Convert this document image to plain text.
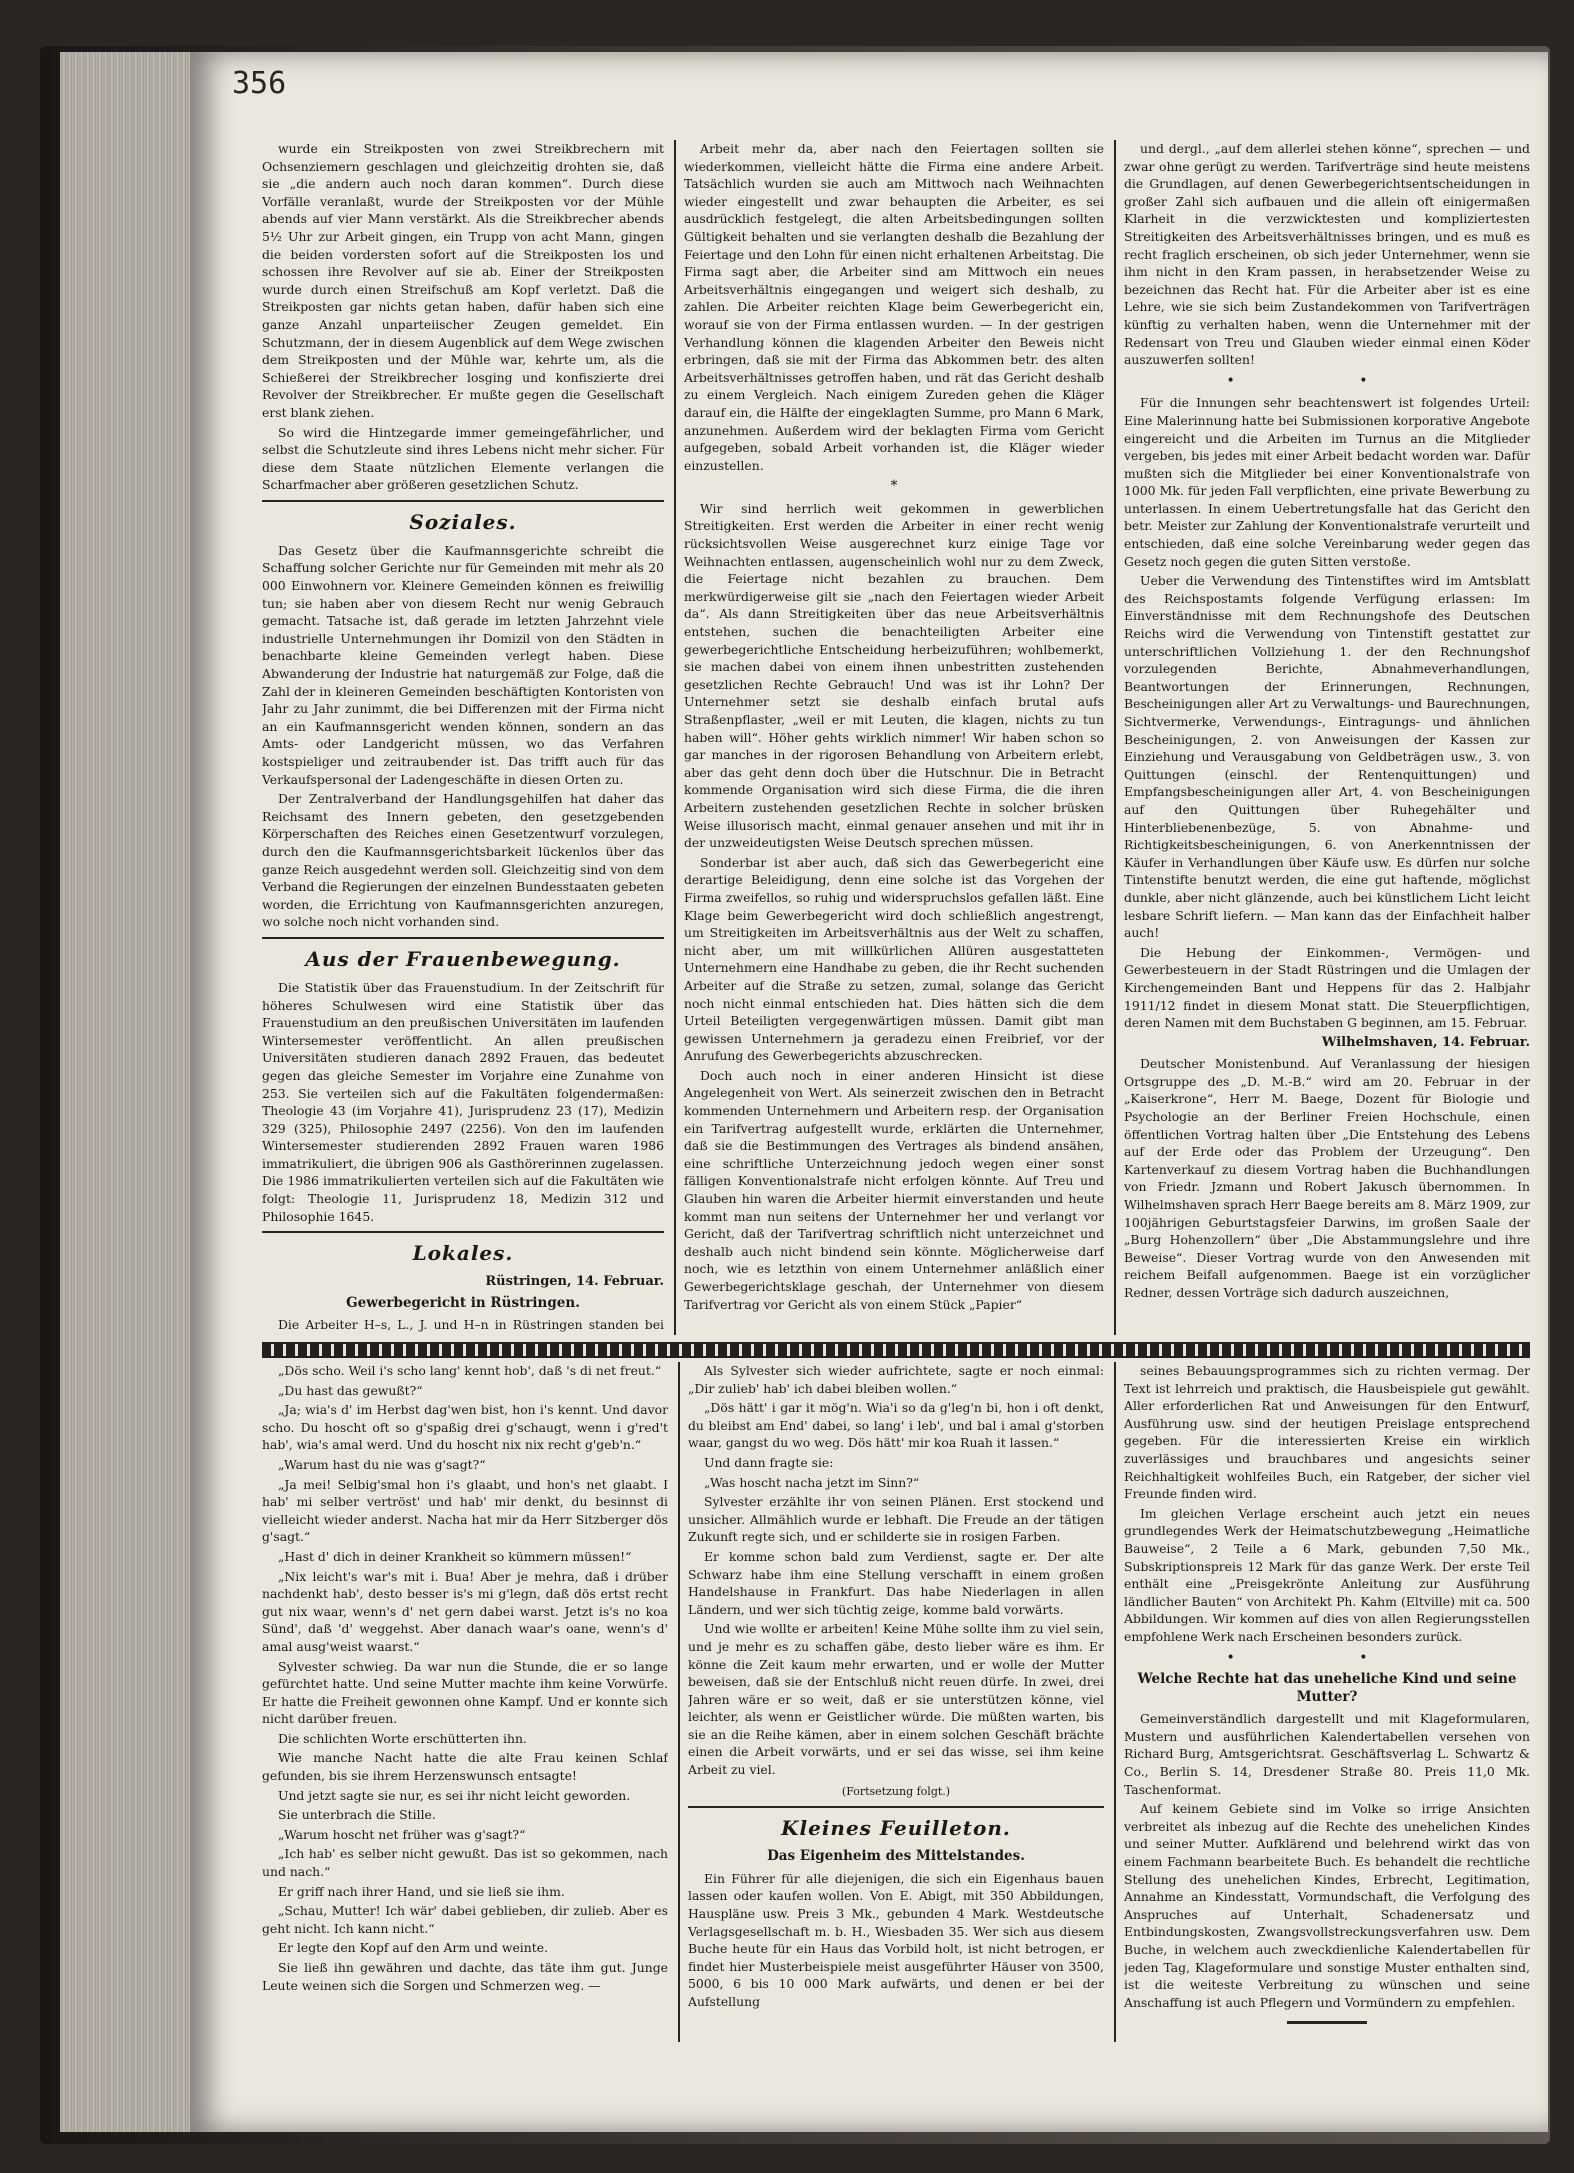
356

wurde ein Streikposten von zwei Streikbrechern mit Ochsenziemern geschlagen und gleichzeitig drohten sie, daß sie „die andern auch noch daran kommen“. Durch diese Vorfälle veranlaßt, wurde der Streikposten vor der Mühle abends auf vier Mann verstärkt. Als die Streikbrecher abends 5½ Uhr zur Arbeit gingen, ein Trupp von acht Mann, gingen die beiden vordersten sofort auf die Streikposten los und schossen ihre Revolver auf sie ab. Einer der Streikposten wurde durch einen Streifschuß am Kopf verletzt. Daß die Streikposten gar nichts getan haben, dafür haben sich eine ganze Anzahl unparteiischer Zeugen gemeldet. Ein Schutzmann, der in diesem Augenblick auf dem Wege zwischen dem Streikposten und der Mühle war, kehrte um, als die Schießerei der Streikbrecher losging und konfiszierte drei Revolver der Streikbrecher. Er mußte gegen die Gesellschaft erst blank ziehen.

So wird die Hintzegarde immer gemeingefährlicher, und selbst die Schutzleute sind ihres Lebens nicht mehr sicher. Für diese dem Staate nützlichen Elemente verlangen die Scharfmacher aber größeren gesetzlichen Schutz.

Soziales.

Das Gesetz über die Kaufmannsgerichte schreibt die Schaffung solcher Gerichte nur für Gemeinden mit mehr als 20 000 Einwohnern vor. Kleinere Gemeinden können es freiwillig tun; sie haben aber von diesem Recht nur wenig Gebrauch gemacht. Tatsache ist, daß gerade im letzten Jahrzehnt viele industrielle Unternehmungen ihr Domizil von den Städten in benachbarte kleine Gemeinden verlegt haben. Diese Abwanderung der Industrie hat naturgemäß zur Folge, daß die Zahl der in kleineren Gemeinden beschäftigten Kontoristen von Jahr zu Jahr zunimmt, die bei Differenzen mit der Firma nicht an ein Kaufmannsgericht wenden können, sondern an das Amts- oder Landgericht müssen, wo das Verfahren kostspieliger und zeitraubender ist. Das trifft auch für das Verkaufspersonal der Ladengeschäfte in diesen Orten zu.

Der Zentralverband der Handlungsgehilfen hat daher das Reichsamt des Innern gebeten, den gesetzgebenden Körperschaften des Reiches einen Gesetzentwurf vorzulegen, durch den die Kaufmannsgerichtsbarkeit lückenlos über das ganze Reich ausgedehnt werden soll. Gleichzeitig sind von dem Verband die Regierungen der einzelnen Bundesstaaten gebeten worden, die Errichtung von Kaufmannsgerichten anzuregen, wo solche noch nicht vorhanden sind.

Aus der Frauenbewegung.

Die Statistik über das Frauenstudium. In der Zeitschrift für höheres Schulwesen wird eine Statistik über das Frauenstudium an den preußischen Universitäten im laufenden Wintersemester veröffentlicht. An allen preußischen Universitäten studieren danach 2892 Frauen, das bedeutet gegen das gleiche Semester im Vorjahre eine Zunahme von 253. Sie verteilen sich auf die Fakultäten folgendermaßen: Theologie 43 (im Vorjahre 41), Jurisprudenz 23 (17), Medizin 329 (325), Philosophie 2497 (2256). Von den im laufenden Wintersemester studierenden 2892 Frauen waren 1986 immatrikuliert, die übrigen 906 als Gasthörerinnen zugelassen. Die 1986 immatrikulierten verteilen sich auf die Fakultäten wie folgt: Theologie 11, Jurisprudenz 18, Medizin 312 und Philosophie 1645.

Lokales.
Rüstringen, 14. Februar.
Gewerbegericht in Rüstringen.

Die Arbeiter H–s, L., J. und H–n in Rüstringen standen bei

Arbeit mehr da, aber nach den Feiertagen sollten sie wiederkommen, vielleicht hätte die Firma eine andere Arbeit. Tatsächlich wurden sie auch am Mittwoch nach Weihnachten wieder eingestellt und zwar behaupten die Arbeiter, es sei ausdrücklich festgelegt, die alten Arbeitsbedingungen sollten Gültigkeit behalten und sie verlangten deshalb die Bezahlung der Feiertage und den Lohn für einen nicht erhaltenen Arbeitstag. Die Firma sagt aber, die Arbeiter sind am Mittwoch ein neues Arbeitsverhältnis eingegangen und weigert sich deshalb, zu zahlen. Die Arbeiter reichten Klage beim Gewerbegericht ein, worauf sie von der Firma entlassen wurden. — In der gestrigen Verhandlung können die klagenden Arbeiter den Beweis nicht erbringen, daß sie mit der Firma das Abkommen betr. des alten Arbeitsverhältnisses getroffen haben, und rät das Gericht deshalb zu einem Vergleich. Nach einigem Zureden gehen die Kläger darauf ein, die Hälfte der eingeklagten Summe, pro Mann 6 Mark, anzunehmen. Außerdem wird der beklagten Firma vom Gericht aufgegeben, sobald Arbeit vorhanden ist, die Kläger wieder einzustellen.

*

Wir sind herrlich weit gekommen in gewerblichen Streitigkeiten. Erst werden die Arbeiter in einer recht wenig rücksichtsvollen Weise ausgerechnet kurz einige Tage vor Weihnachten entlassen, augenscheinlich wohl nur zu dem Zweck, die Feiertage nicht bezahlen zu brauchen. Dem merkwürdigerweise gilt sie „nach den Feiertagen wieder Arbeit da“. Als dann Streitigkeiten über das neue Arbeitsverhältnis entstehen, suchen die benachteiligten Arbeiter eine gewerbegerichtliche Entscheidung herbeizuführen; wohlbemerkt, sie machen dabei von einem ihnen unbestritten zustehenden gesetzlichen Rechte Gebrauch! Und was ist ihr Lohn? Der Unternehmer setzt sie deshalb einfach brutal aufs Straßenpflaster, „weil er mit Leuten, die klagen, nichts zu tun haben will“. Höher gehts wirklich nimmer! Wir haben schon so gar manches in der rigorosen Behandlung von Arbeitern erlebt, aber das geht denn doch über die Hutschnur. Die in Betracht kommende Organisation wird sich diese Firma, die die ihren Arbeitern zustehenden gesetzlichen Rechte in solcher brüsken Weise illusorisch macht, einmal genauer ansehen und mit ihr in der unzweideutigsten Weise Deutsch sprechen müssen.

Sonderbar ist aber auch, daß sich das Gewerbegericht eine derartige Beleidigung, denn eine solche ist das Vorgehen der Firma zweifellos, so ruhig und widerspruchslos gefallen läßt. Eine Klage beim Gewerbegericht wird doch schließlich angestrengt, um Streitigkeiten im Arbeitsverhältnis aus der Welt zu schaffen, nicht aber, um mit willkürlichen Allüren ausgestatteten Unternehmern eine Handhabe zu geben, die ihr Recht suchenden Arbeiter auf die Straße zu setzen, zumal, solange das Gericht noch nicht einmal entschieden hat. Dies hätten sich die dem Urteil Beteiligten vergegenwärtigen müssen. Damit gibt man gewissen Unternehmern ja geradezu einen Freibrief, vor der Anrufung des Gewerbegerichts abzuschrecken.

Doch auch noch in einer anderen Hinsicht ist diese Angelegenheit von Wert. Als seinerzeit zwischen den in Betracht kommenden Unternehmern und Arbeitern resp. der Organisation ein Tarifvertrag aufgestellt wurde, erklärten die Unternehmer, daß sie die Bestimmungen des Vertrages als bindend ansähen, eine schriftliche Unterzeichnung jedoch wegen einer sonst fälligen Konventionalstrafe nicht erfolgen könnte. Auf Treu und Glauben hin waren die Arbeiter hiermit einverstanden und heute kommt man nun seitens der Unternehmer her und verlangt vor Gericht, daß der Tarifvertrag schriftlich nicht unterzeichnet und deshalb auch nicht bindend sein könnte. Möglicherweise darf noch, wie es letzthin von einem Unternehmer anläßlich einer Gewerbegerichtsklage geschah, der Unternehmer von diesem Tarifvertrag vor Gericht als von einem Stück „Papier“

und dergl., „auf dem allerlei stehen könne“, sprechen — und zwar ohne gerügt zu werden. Tarifverträge sind heute meistens die Grundlagen, auf denen Gewerbegerichtsentscheidungen in großer Zahl sich aufbauen und die allein oft einigermaßen Klarheit in die verzwicktesten und kompliziertesten Streitigkeiten des Arbeitsverhältnisses bringen, und es muß es recht fraglich erscheinen, ob sich jeder Unternehmer, wenn sie ihm nicht in den Kram passen, in herabsetzender Weise zu bezeichnen das Recht hat. Für die Arbeiter aber ist es eine Lehre, wie sie sich beim Zustandekommen von Tarifverträgen künftig zu verhalten haben, wenn die Unternehmer mit der Redensart von Treu und Glauben wieder einmal einen Köder auszuwerfen sollten!

• •

Für die Innungen sehr beachtenswert ist folgendes Urteil: Eine Malerinnung hatte bei Submissionen korporative Angebote eingereicht und die Arbeiten im Turnus an die Mitglieder vergeben, bis jedes mit einer Arbeit bedacht worden war. Dafür mußten sich die Mitglieder bei einer Konventionalstrafe von 1000 Mk. für jeden Fall verpflichten, eine private Bewerbung zu unterlassen. In einem Uebertretungsfalle hat das Gericht den betr. Meister zur Zahlung der Konventionalstrafe verurteilt und entschieden, daß eine solche Vereinbarung weder gegen das Gesetz noch gegen die guten Sitten verstoße.

Ueber die Verwendung des Tintenstiftes wird im Amtsblatt des Reichspostamts folgende Verfügung erlassen: Im Einverständnisse mit dem Rechnungshofe des Deutschen Reichs wird die Verwendung von Tintenstift gestattet zur unterschriftlichen Vollziehung 1. der den Rechnungshof vorzulegenden Berichte, Abnahmeverhandlungen, Beantwortungen der Erinnerungen, Rechnungen, Bescheinigungen aller Art zu Verwaltungs- und Baurechnungen, Sichtvermerke, Verwendungs-, Eintragungs- und ähnlichen Bescheinigungen, 2. von Anweisungen der Kassen zur Einziehung und Verausgabung von Geldbeträgen usw., 3. von Quittungen (einschl. der Rentenquittungen) und Empfangsbescheinigungen aller Art, 4. von Bescheinigungen auf den Quittungen über Ruhegehälter und Hinterbliebenenbezüge, 5. von Abnahme- und Richtigkeitsbescheinigungen, 6. von Anerkenntnissen der Käufer in Verhandlungen über Käufe usw. Es dürfen nur solche Tintenstifte benutzt werden, die eine gut haftende, möglichst dunkle, aber nicht glänzende, auch bei künstlichem Licht leicht lesbare Schrift liefern. — Man kann das der Einfachheit halber auch!

Die Hebung der Einkommen-, Vermögen- und Gewerbesteuern in der Stadt Rüstringen und die Umlagen der Kirchengemeinden Bant und Heppens für das 2. Halbjahr 1911/12 findet in diesem Monat statt. Die Steuerpflichtigen, deren Namen mit dem Buchstaben G beginnen, am 15. Februar.

Wilhelmshaven, 14. Februar.

Deutscher Monistenbund. Auf Veranlassung der hiesigen Ortsgruppe des „D. M.-B.“ wird am 20. Februar in der „Kaiserkrone“, Herr M. Baege, Dozent für Biologie und Psychologie an der Berliner Freien Hochschule, einen öffentlichen Vortrag halten über „Die Entstehung des Lebens auf der Erde oder das Problem der Urzeugung“. Den Kartenverkauf zu diesem Vortrag haben die Buchhandlungen von Friedr. Jzmann und Robert Jakusch übernommen. In Wilhelmshaven sprach Herr Baege bereits am 8. März 1909, zur 100jährigen Geburtstagsfeier Darwins, im großen Saale der „Burg Hohenzollern“ über „Die Abstammungslehre und ihre Beweise“. Dieser Vortrag wurde von den Anwesenden mit reichem Beifall aufgenommen. Baege ist ein vorzüglicher Redner, dessen Vorträge sich dadurch auszeichnen,

„Dös scho. Weil i's scho lang' kennt hob', daß 's di net freut.“

„Du hast das gewußt?“

„Ja; wia's d' im Herbst dag'wen bist, hon i's kennt. Und davor scho. Du hoscht oft so g'spaßig drei g'schaugt, wenn i g'red't hab', wia's amal werd. Und du hoscht nix nix recht g'geb'n.“

„Warum hast du nie was g'sagt?“

„Ja mei! Selbig'smal hon i's glaabt, und hon's net glaabt. I hab' mi selber vertröst' und hab' mir denkt, du besinnst di vielleicht wieder anderst. Nacha hat mir da Herr Sitzberger dös g'sagt.“

„Hast d' dich in deiner Krankheit so kümmern müssen!“

„Nix leicht's war's mit i. Bua! Aber je mehra, daß i drüber nachdenkt hab', desto besser is's mi g'legn, daß dös ertst recht gut nix waar, wenn's d' net gern dabei warst. Jetzt is's no koa Sünd', daß 'd' weggehst. Aber danach waar's oane, wenn's d' amal ausg'weist waarst.“

Sylvester schwieg. Da war nun die Stunde, die er so lange gefürchtet hatte. Und seine Mutter machte ihm keine Vorwürfe. Er hatte die Freiheit gewonnen ohne Kampf. Und er konnte sich nicht darüber freuen.

Die schlichten Worte erschütterten ihn.

Wie manche Nacht hatte die alte Frau keinen Schlaf gefunden, bis sie ihrem Herzenswunsch entsagte!

Und jetzt sagte sie nur, es sei ihr nicht leicht geworden.

Sie unterbrach die Stille.

„Warum hoscht net früher was g'sagt?“

„Ich hab' es selber nicht gewußt. Das ist so gekommen, nach und nach.“

Er griff nach ihrer Hand, und sie ließ sie ihm.

„Schau, Mutter! Ich wär' dabei geblieben, dir zulieb. Aber es geht nicht. Ich kann nicht.“

Er legte den Kopf auf den Arm und weinte.

Sie ließ ihn gewähren und dachte, das täte ihm gut. Junge Leute weinen sich die Sorgen und Schmerzen weg. —

Als Sylvester sich wieder aufrichtete, sagte er noch einmal: „Dir zulieb' hab' ich dabei bleiben wollen.“

„Dös hätt' i gar it mög'n. Wia'i so da g'leg'n bi, hon i oft denkt, du bleibst am End' dabei, so lang' i leb', und bal i amal g'storben waar, gangst du wo weg. Dös hätt' mir koa Ruah it lassen.“

Und dann fragte sie:

„Was hoscht nacha jetzt im Sinn?“

Sylvester erzählte ihr von seinen Plänen. Erst stockend und unsicher. Allmählich wurde er lebhaft. Die Freude an der tätigen Zukunft regte sich, und er schilderte sie in rosigen Farben.

Er komme schon bald zum Verdienst, sagte er. Der alte Schwarz habe ihm eine Stellung verschafft in einem großen Handelshause in Frankfurt. Das habe Niederlagen in allen Ländern, und wer sich tüchtig zeige, komme bald vorwärts.

Und wie wollte er arbeiten! Keine Mühe sollte ihm zu viel sein, und je mehr es zu schaffen gäbe, desto lieber wäre es ihm. Er könne die Zeit kaum mehr erwarten, und er wolle der Mutter beweisen, daß sie der Entschluß nicht reuen dürfe. In zwei, drei Jahren wäre er so weit, daß er sie unterstützen könne, viel leichter, als wenn er Geistlicher würde. Die müßten warten, bis sie an die Reihe kämen, aber in einem solchen Geschäft brächte einen die Arbeit vorwärts, und er sei das wisse, sei ihm keine Arbeit zu viel.

(Fortsetzung folgt.)
Kleines Feuilleton.
Das Eigenheim des Mittelstandes.

Ein Führer für alle diejenigen, die sich ein Eigenhaus bauen lassen oder kaufen wollen. Von E. Abigt, mit 350 Abbildungen, Hauspläne usw. Preis 3 Mk., gebunden 4 Mark. Westdeutsche Verlagsgesellschaft m. b. H., Wiesbaden 35. Wer sich aus diesem Buche heute für ein Haus das Vorbild holt, ist nicht betrogen, er findet hier Musterbeispiele meist ausgeführter Häuser von 3500, 5000, 6 bis 10 000 Mark aufwärts, und denen er bei der Aufstellung

seines Bebauungsprogrammes sich zu richten vermag. Der Text ist lehrreich und praktisch, die Hausbeispiele gut gewählt. Aller erforderlichen Rat und Anweisungen für den Entwurf, Ausführung usw. sind der heutigen Preislage entsprechend gegeben. Für die interessierten Kreise ein wirklich zuverlässiges und brauchbares und angesichts seiner Reichhaltigkeit wohlfeiles Buch, ein Ratgeber, der sicher viel Freunde finden wird.

Im gleichen Verlage erscheint auch jetzt ein neues grundlegendes Werk der Heimatschutzbewegung „Heimatliche Bauweise“, 2 Teile a 6 Mark, gebunden 7,50 Mk., Subskriptionspreis 12 Mark für das ganze Werk. Der erste Teil enthält eine „Preisgekrönte Anleitung zur Ausführung ländlicher Bauten“ von Architekt Ph. Kahm (Eltville) mit ca. 500 Abbildungen. Wir kommen auf dies von allen Regierungsstellen empfohlene Werk nach Erscheinen besonders zurück.

• •
Welche Rechte hat das uneheliche Kind und seine Mutter?

Gemeinverständlich dargestellt und mit Klageformularen, Mustern und ausführlichen Kalendertabellen versehen von Richard Burg, Amtsgerichtsrat. Geschäftsverlag L. Schwartz & Co., Berlin S. 14, Dresdener Straße 80. Preis 11,0 Mk. Taschenformat.

Auf keinem Gebiete sind im Volke so irrige Ansichten verbreitet als inbezug auf die Rechte des unehelichen Kindes und seiner Mutter. Aufklärend und belehrend wirkt das von einem Fachmann bearbeitete Buch. Es behandelt die rechtliche Stellung des unehelichen Kindes, Erbrecht, Legitimation, Annahme an Kindesstatt, Vormundschaft, die Verfolgung des Anspruches auf Unterhalt, Schadenersatz und Entbindungskosten, Zwangsvollstreckungsverfahren usw. Dem Buche, in welchem auch zweckdienliche Kalendertabellen für jeden Tag, Klageformulare und sonstige Muster enthalten sind, ist die weiteste Verbreitung zu wünschen und seine Anschaffung ist auch Pflegern und Vormündern zu empfehlen.
